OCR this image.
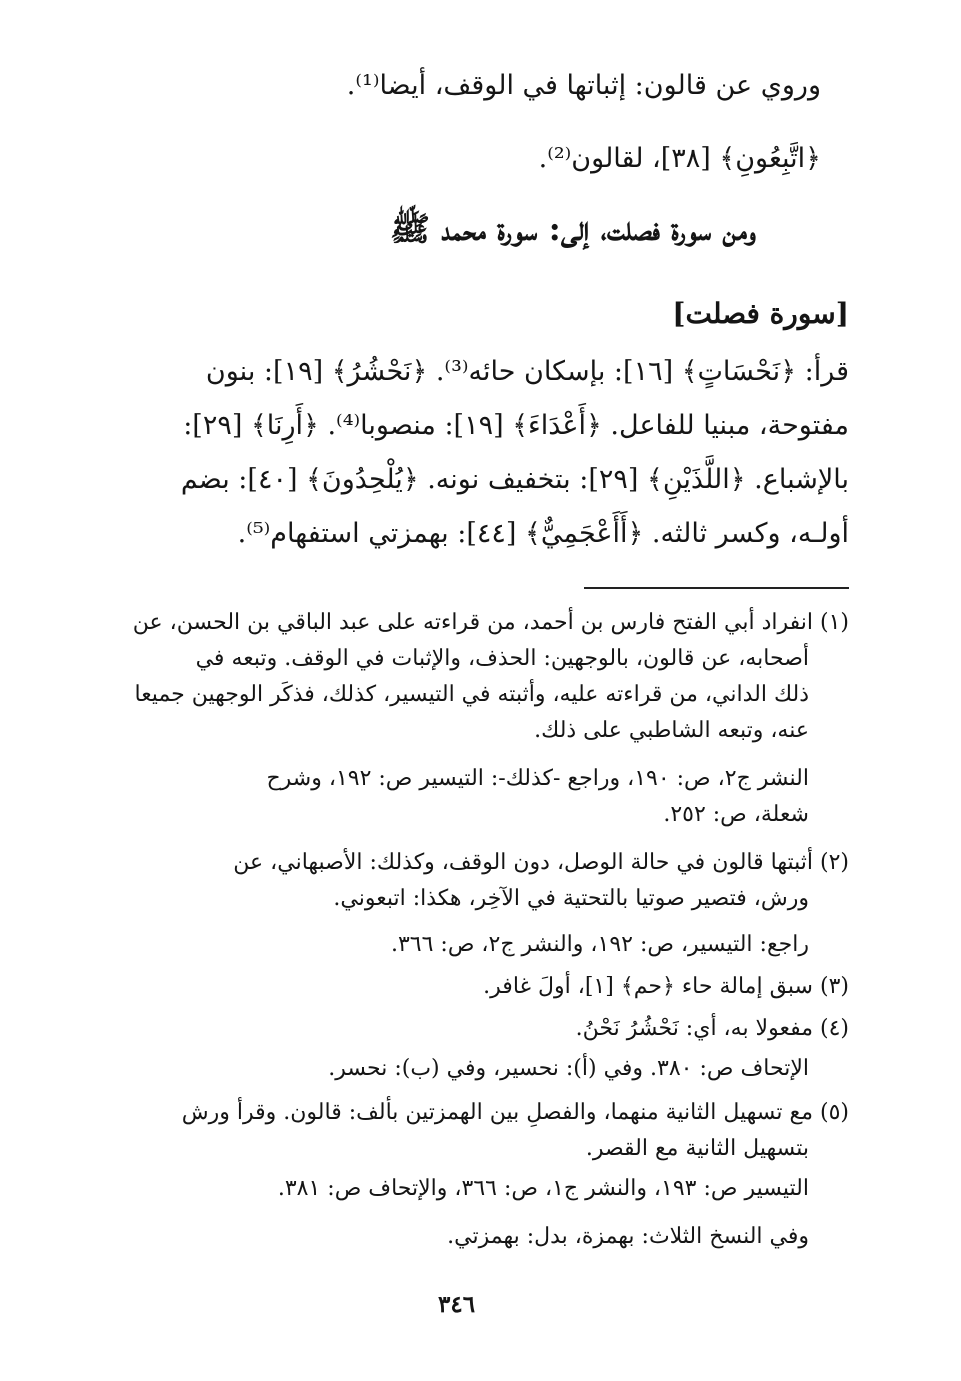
وروي عن قالون: إثباتها في الوقف، أيضا⁽¹⁾.
﴿اتَّبِعُونِ﴾ [٣٨]، لقالون⁽²⁾.
ومن سورة فصلت، إلى: سورة محمد ﷺ
[سورة فصلت]
قرأ: ﴿نَحْسَاتٍ﴾ [١٦]: بإسكان حائه⁽³⁾. ﴿نَحْشُرُ﴾ [١٩]: بنون
مفتوحة، مبنيا للفاعل. ﴿أَعْدَاءَ﴾ [١٩]: منصوبا⁽⁴⁾. ﴿أَرِنَا﴾ [٢٩]:
بالإشباع. ﴿اللَّذَيْنِ﴾ [٢٩]: بتخفيف نونه. ﴿يُلْحِدُونَ﴾ [٤٠]: بضم
أولـه، وكسر ثالثه. ﴿أَأَعْجَمِيٌّ﴾ [٤٤]: بهمزتي استفهام⁽⁵⁾.
(١) انفراد أبي الفتح فارس بن أحمد، من قراءته على عبد الباقي بن الحسن، عن
أصحابه، عن قالون، بالوجهين: الحذف، والإثبات في الوقف. وتبعه في
ذلك الداني، من قراءته عليه، وأثبته في التيسير، كذلك، فذكَر الوجهين جميعا
عنه، وتبعه الشاطبي على ذلك.
النشر ج٢، ص: ١٩٠، وراجع -كذلك-: التيسير ص: ١٩٢، وشرح
شعلة، ص: ٢٥٢.
(٢) أثبتها قالون في حالة الوصل، دون الوقف، وكذلك: الأصبهاني، عن
ورش، فتصير صوتيا بالتحتية في الآخِر، هكذا: اتبعوني.
راجع: التيسير، ص: ١٩٢، والنشر ج٢، ص: ٣٦٦.
(٣) سبق إمالة حاء ﴿حم﴾ [١]، أولَ غافر.
(٤) مفعولا به، أي: نَحْشُرُ نَحْنُ.
الإتحاف ص: ٣٨٠. وفي (أ): نحسير، وفي (ب): نحسر.
(٥) مع تسهيل الثانية منهما، والفصلِ بين الهمزتين بألف: قالون. وقرأ ورش
بتسهيل الثانية مع القصر.
التيسير ص: ١٩٣، والنشر ج١، ص: ٣٦٦، والإتحاف ص: ٣٨١.
وفي النسخ الثلاث: بهمزة، بدل: بهمزتي.
٣٤٦
